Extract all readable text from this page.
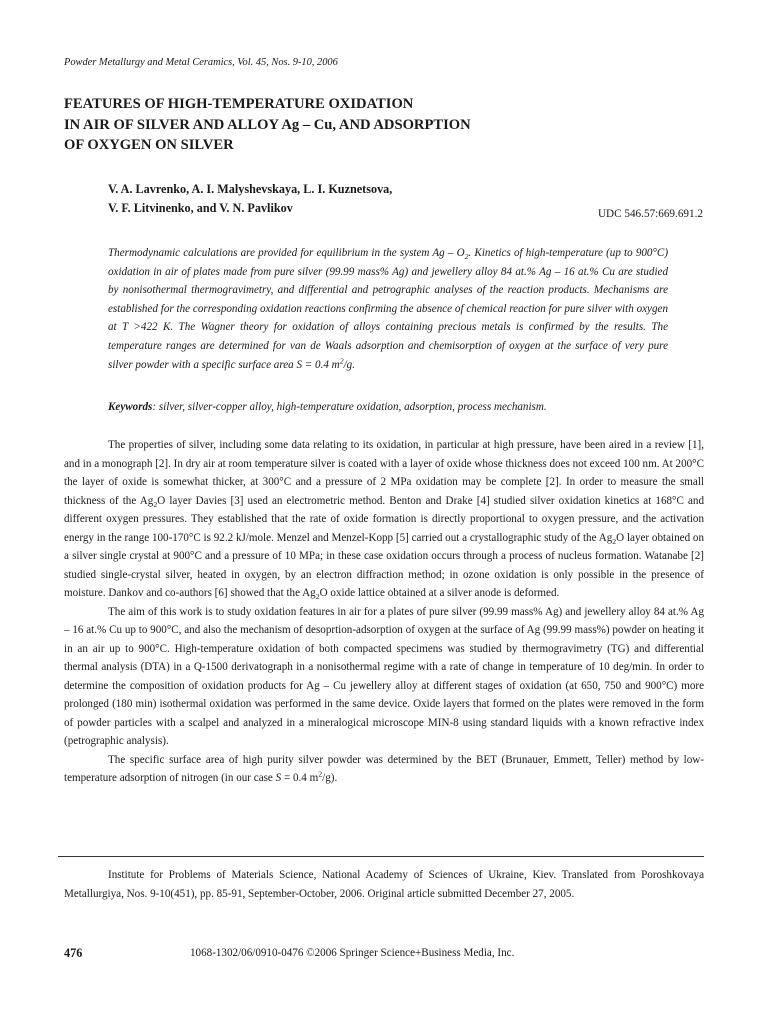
Powder Metallurgy and Metal Ceramics, Vol. 45, Nos. 9-10, 2006
FEATURES OF HIGH-TEMPERATURE OXIDATION
IN AIR OF SILVER AND ALLOY Ag – Cu, AND ADSORPTION
OF OXYGEN ON SILVER
V. A. Lavrenko, A. I. Malyshevskaya, L. I. Kuznetsova,
V. F. Litvinenko, and V. N. Pavlikov	UDC 546.57:669.691.2
Thermodynamic calculations are provided for equilibrium in the system Ag – $O_2$. Kinetics of high-temperature (up to 900°C) oxidation in air of plates made from pure silver (99.99 mass% Ag) and jewellery alloy 84 at.% Ag – 16 at.% Cu are studied by nonisothermal thermogravimetry, and differential and petrographic analyses of the reaction products. Mechanisms are established for the corresponding oxidation reactions confirming the absence of chemical reaction for pure silver with oxygen at T >422 K. The Wagner theory for oxidation of alloys containing precious metals is confirmed by the results. The temperature ranges are determined for van de Waals adsorption and chemisorption of oxygen at the surface of very pure silver powder with a specific surface area S = 0.4 $m^2/g$.
Keywords: silver, silver-copper alloy, high-temperature oxidation, adsorption, process mechanism.

The properties of silver, including some data relating to its oxidation, in particular at high pressure, have been aired in a review [1], and in a monograph [2]. In dry air at room temperature silver is coated with a layer of oxide whose thickness does not exceed 100 nm. At 200°C the layer of oxide is somewhat thicker, at 300°C and a pressure of 2 MPa oxidation may be complete [2]. In order to measure the small thickness of the $Ag_2O$ layer Davies [3] used an electrometric method. Benton and Drake [4] studied silver oxidation kinetics at 168°C and different oxygen pressures. They established that the rate of oxide formation is directly proportional to oxygen pressure, and the activation energy in the range 100-170°C is 92.2 kJ/mole. Menzel and Menzel-Kopp [5] carried out a crystallographic study of the $Ag_2O$ layer obtained on a silver single crystal at 900°C and a pressure of 10 MPa; in these case oxidation occurs through a process of nucleus formation. Watanabe [2] studied single-crystal silver, heated in oxygen, by an electron diffraction method; in ozone oxidation is only possible in the presence of moisture. Dankov and co-authors [6] showed that the $Ag_2O$ oxide lattice obtained at a silver anode is deformed.

The aim of this work is to study oxidation features in air for a plates of pure silver (99.99 mass% Ag) and jewellery alloy 84 at.% Ag – 16 at.% Cu up to 900°C, and also the mechanism of desoprtion-adsorption of oxygen at the surface of Ag (99.99 mass%) powder on heating it in an air up to 900°C. High-temperature oxidation of both compacted specimens was studied by thermogravimetry (TG) and differential thermal analysis (DTA) in a Q-1500 derivatograph in a nonisothermal regime with a rate of change in temperature of 10 deg/min. In order to determine the composition of oxidation products for Ag – Cu jewellery alloy at different stages of oxidation (at 650, 750 and 900°C) more prolonged (180 min) isothermal oxidation was performed in the same device. Oxide layers that formed on the plates were removed in the form of powder particles with a scalpel and analyzed in a mineralogical microscope MIN-8 using standard liquids with a known refractive index (petrographic analysis).

The specific surface area of high purity silver powder was determined by the BET (Brunauer, Emmett, Teller) method by low-temperature adsorption of nitrogen (in our case S = 0.4 $m^2/g$).

Institute for Problems of Materials Science, National Academy of Sciences of Ukraine, Kiev. Translated from Poroshkovaya Metallurgiya, Nos. 9-10(451), pp. 85-91, September-October, 2006. Original article submitted December 27, 2005.
476	1068-1302/06/0910-0476 ©2006 Springer Science+Business Media, Inc.
